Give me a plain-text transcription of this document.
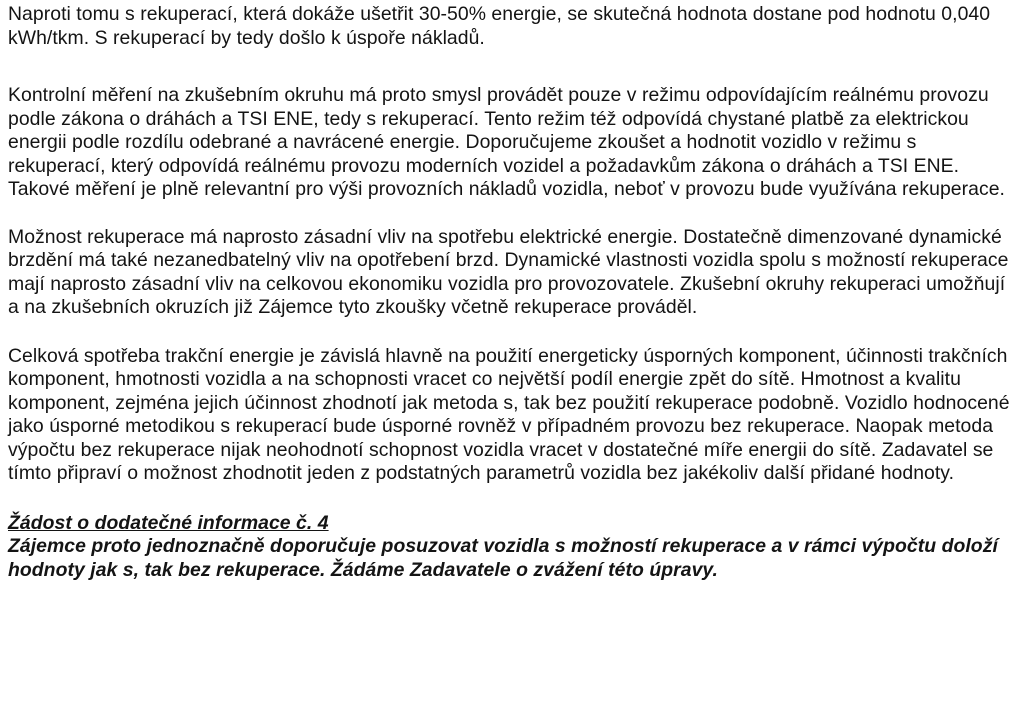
Naproti tomu s rekuperací, která dokáže ušetřit 30-50% energie, se skutečná hodnota dostane pod hodnotu 0,040 kWh/tkm. S rekuperací by tedy došlo k úspoře nákladů.

Kontrolní měření na zkušebním okruhu má proto smysl provádět pouze v režimu odpovídajícím reálnému provozu podle zákona o dráhách a TSI ENE, tedy s rekuperací. Tento režim též odpovídá chystané platbě za elektrickou energii podle rozdílu odebrané a navrácené energie. Doporučujeme zkoušet a hodnotit vozidlo v režimu s rekuperací, který odpovídá reálnému provozu moderních vozidel a požadavkům zákona o dráhách a TSI ENE. Takové měření je plně relevantní pro výši provozních nákladů vozidla, neboť v provozu bude využívána rekuperace.

Možnost rekuperace má naprosto zásadní vliv na spotřebu elektrické energie. Dostatečně dimenzované dynamické brzdění má také nezanedbatelný vliv na opotřebení brzd. Dynamické vlastnosti vozidla spolu s možností rekuperace mají naprosto zásadní vliv na celkovou ekonomiku vozidla pro provozovatele. Zkušební okruhy rekuperaci umožňují a na zkušebních okruzích již Zájemce tyto zkoušky včetně rekuperace prováděl.

Celková spotřeba trakční energie je závislá hlavně na použití energeticky úsporných komponent, účinnosti trakčních komponent, hmotnosti vozidla a na schopnosti vracet co největší podíl energie zpět do sítě. Hmotnost a kvalitu komponent, zejména jejich účinnost zhodnotí jak metoda s, tak bez použití rekuperace podobně. Vozidlo hodnocené jako úsporné metodikou s rekuperací bude úsporné rovněž v případném provozu bez rekuperace. Naopak metoda výpočtu bez rekuperace nijak neohodnotí schopnost vozidla vracet v dostatečné míře energii do sítě. Zadavatel se tímto připraví o možnost zhodnotit jeden z podstatných parametrů vozidla bez jakékoliv další přidané hodnoty.

Žádost o dodatečné informace č. 4

Zájemce proto jednoznačně doporučuje posuzovat vozidla s možností rekuperace a v rámci výpočtu doloží hodnoty jak s, tak bez rekuperace. Žádáme Zadavatele o zvážení této úpravy.
